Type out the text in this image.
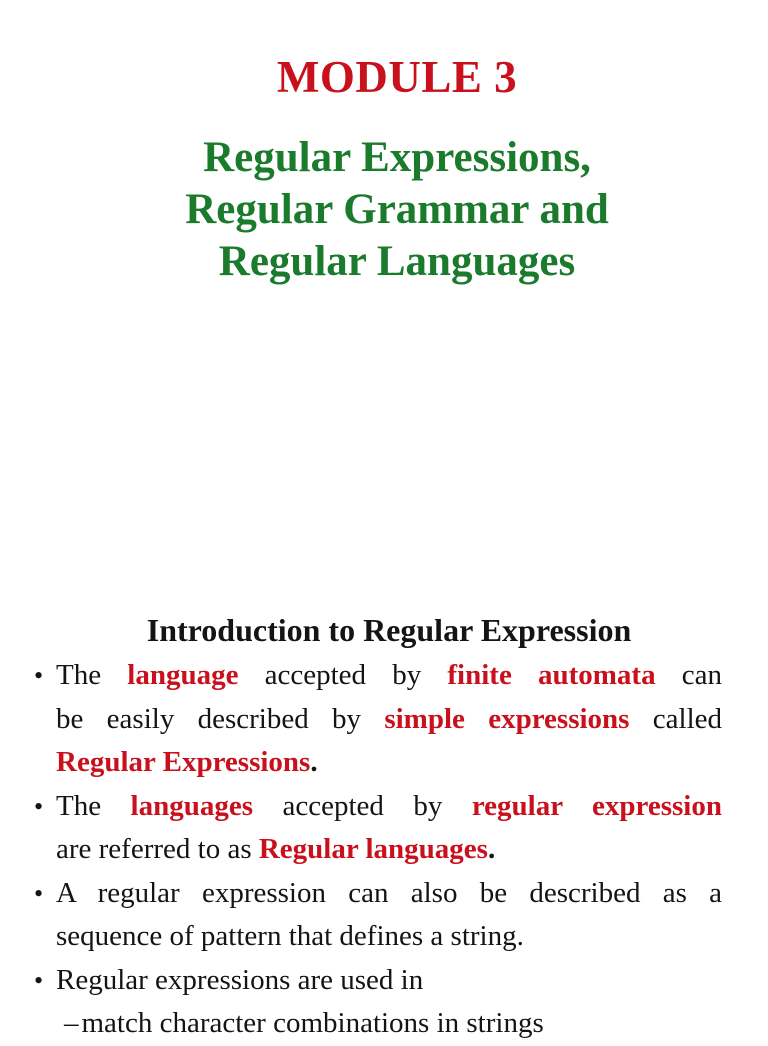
MODULE 3
Regular Expressions,
Regular Grammar and
Regular Languages
Introduction to Regular Expression
• The language accepted by finite automata can
be easily described by simple expressions called
Regular Expressions.
• The languages accepted by regular expression
are referred to as Regular languages.
• A regular expression can also be described as a
sequence of pattern that defines a string.
• Regular expressions are used in
– match character combinations in strings
